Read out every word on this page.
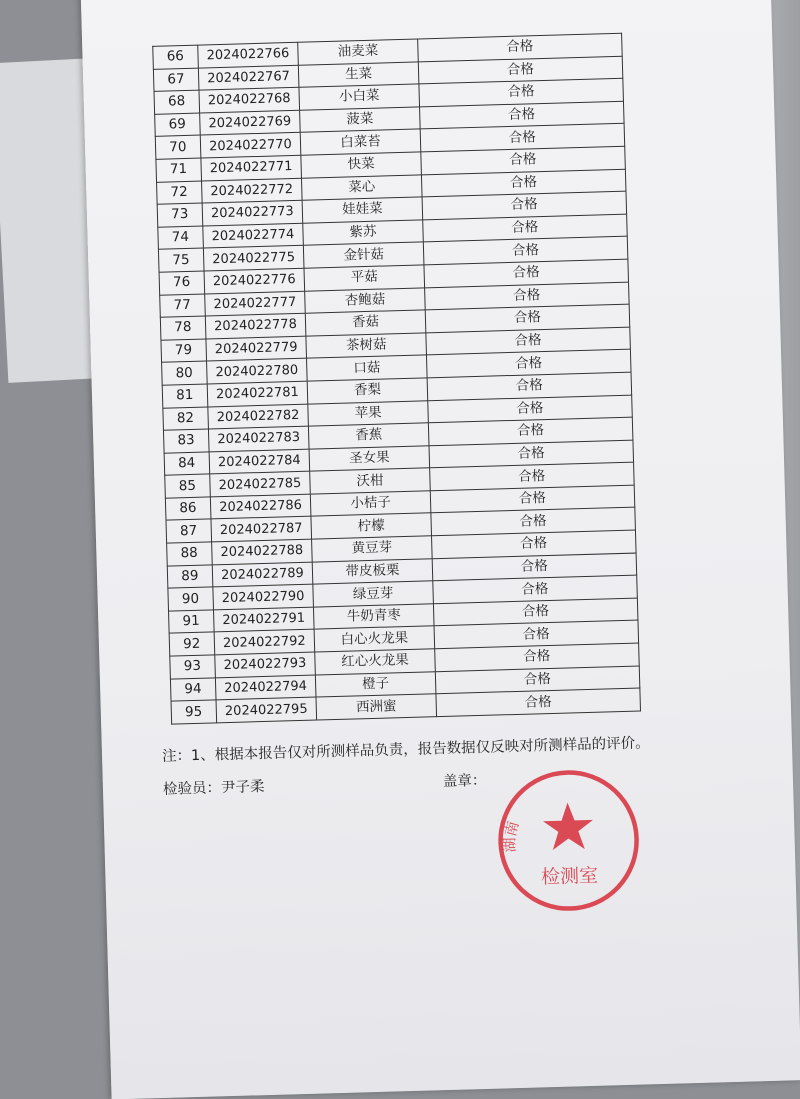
66	2024022766	油麦菜	合格
67	2024022767	生菜	合格
68	2024022768	小白菜	合格
69	2024022769	菠菜	合格
70	2024022770	白菜苔	合格
71	2024022771	快菜	合格
72	2024022772	菜心	合格
73	2024022773	娃娃菜	合格
74	2024022774	紫苏	合格
75	2024022775	金针菇	合格
76	2024022776	平菇	合格
77	2024022777	杏鲍菇	合格
78	2024022778	香菇	合格
79	2024022779	茶树菇	合格
80	2024022780	口菇	合格
81	2024022781	香梨	合格
82	2024022782	苹果	合格
83	2024022783	香蕉	合格
84	2024022784	圣女果	合格
85	2024022785	沃柑	合格
86	2024022786	小桔子	合格
87	2024022787	柠檬	合格
88	2024022788	黄豆芽	合格
89	2024022789	带皮板栗	合格
90	2024022790	绿豆芽	合格
91	2024022791	牛奶青枣	合格
92	2024022792	白心火龙果	合格
93	2024022793	红心火龙果	合格
94	2024022794	橙子	合格
95	2024022795	西洲蜜	合格
注：1、根据本报告仅对所测样品负责，报告数据仅反映对所测样品的评价。
检验员：尹子柔	盖章：
湖南
检测室
